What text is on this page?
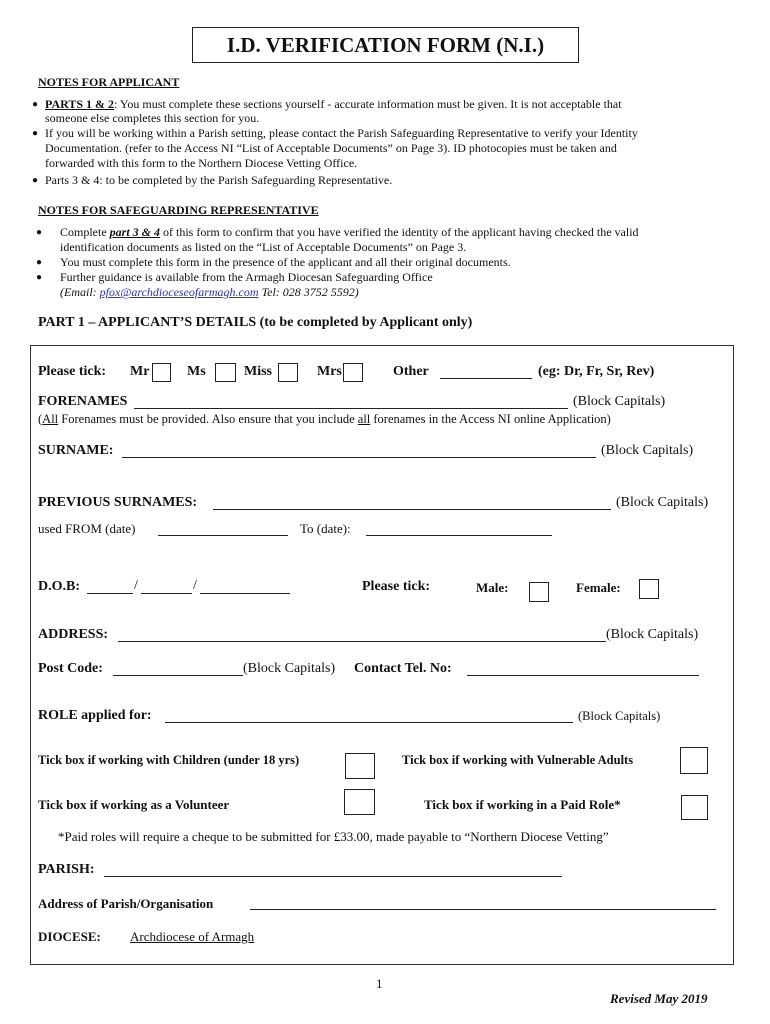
I.D. VERIFICATION FORM (N.I.)
NOTES FOR APPLICANT
● PARTS 1 & 2: You must complete these sections yourself - accurate information must be given. It is not acceptable that
someone else completes this section for you.
● If you will be working within a Parish setting, please contact the Parish Safeguarding Representative to verify your Identity
Documentation. (refer to the Access NI “List of Acceptable Documents” on Page 3). ID photocopies must be taken and
forwarded with this form to the Northern Diocese Vetting Office.
● Parts 3 & 4: to be completed by the Parish Safeguarding Representative.
NOTES FOR SAFEGUARDING REPRESENTATIVE
● Complete part 3 & 4 of this form to confirm that you have verified the identity of the applicant having checked the valid
identification documents as listed on the “List of Acceptable Documents” on Page 3.
● You must complete this form in the presence of the applicant and all their original documents.
● Further guidance is available from the Armagh Diocesan Safeguarding Office
(Email: pfox@archdioceseofarmagh.com Tel: 028 3752 5592)
PART 1 – APPLICANT’S DETAILS (to be completed by Applicant only)
Please tick: Mr	Ms	Miss	Mrs	Other	(eg: Dr, Fr, Sr, Rev)
FORENAMES	(Block Capitals)
(All Forenames must be provided. Also ensure that you include all forenames in the Access NI online Application)
SURNAME:	(Block Capitals)
PREVIOUS SURNAMES:	(Block Capitals)
used FROM (date)	To (date):
D.O.B:	/	/	Please tick:	Male:	Female:
ADDRESS:	(Block Capitals)
Post Code:	(Block Capitals) Contact Tel. No:
ROLE applied for:	(Block Capitals)
Tick box if working with Children (under 18 yrs)	Tick box if working with Vulnerable Adults
Tick box if working as a Volunteer	Tick box if working in a Paid Role*
*Paid roles will require a cheque to be submitted for £33.00, made payable to “Northern Diocese Vetting”
PARISH:
Address of Parish/Organisation
DIOCESE: Archdiocese of Armagh
1
Revised May 2019
